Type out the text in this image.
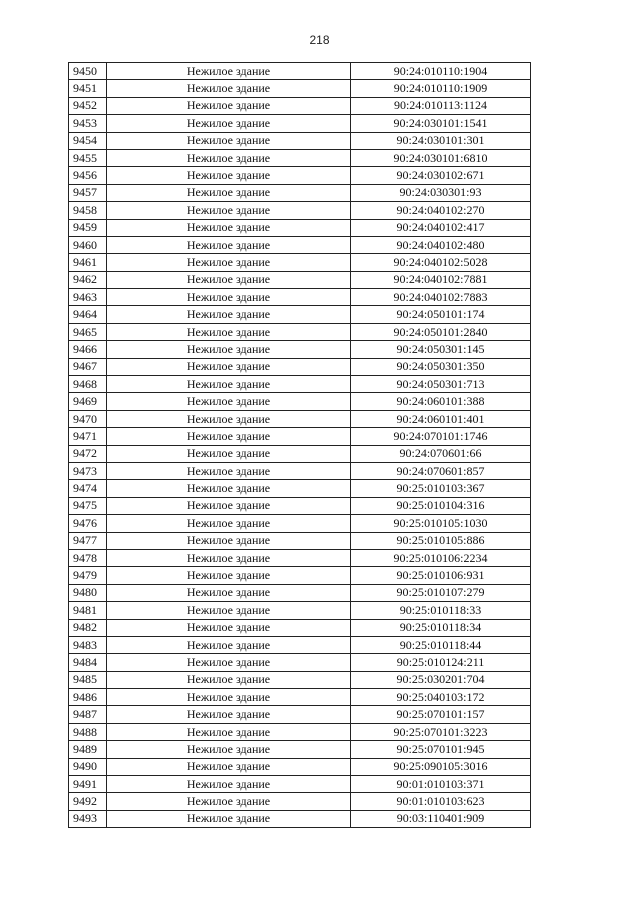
218
9450	Нежилое здание	90:24:010110:1904
9451	Нежилое здание	90:24:010110:1909
9452	Нежилое здание	90:24:010113:1124
9453	Нежилое здание	90:24:030101:1541
9454	Нежилое здание	90:24:030101:301
9455	Нежилое здание	90:24:030101:6810
9456	Нежилое здание	90:24:030102:671
9457	Нежилое здание	90:24:030301:93
9458	Нежилое здание	90:24:040102:270
9459	Нежилое здание	90:24:040102:417
9460	Нежилое здание	90:24:040102:480
9461	Нежилое здание	90:24:040102:5028
9462	Нежилое здание	90:24:040102:7881
9463	Нежилое здание	90:24:040102:7883
9464	Нежилое здание	90:24:050101:174
9465	Нежилое здание	90:24:050101:2840
9466	Нежилое здание	90:24:050301:145
9467	Нежилое здание	90:24:050301:350
9468	Нежилое здание	90:24:050301:713
9469	Нежилое здание	90:24:060101:388
9470	Нежилое здание	90:24:060101:401
9471	Нежилое здание	90:24:070101:1746
9472	Нежилое здание	90:24:070601:66
9473	Нежилое здание	90:24:070601:857
9474	Нежилое здание	90:25:010103:367
9475	Нежилое здание	90:25:010104:316
9476	Нежилое здание	90:25:010105:1030
9477	Нежилое здание	90:25:010105:886
9478	Нежилое здание	90:25:010106:2234
9479	Нежилое здание	90:25:010106:931
9480	Нежилое здание	90:25:010107:279
9481	Нежилое здание	90:25:010118:33
9482	Нежилое здание	90:25:010118:34
9483	Нежилое здание	90:25:010118:44
9484	Нежилое здание	90:25:010124:211
9485	Нежилое здание	90:25:030201:704
9486	Нежилое здание	90:25:040103:172
9487	Нежилое здание	90:25:070101:157
9488	Нежилое здание	90:25:070101:3223
9489	Нежилое здание	90:25:070101:945
9490	Нежилое здание	90:25:090105:3016
9491	Нежилое здание	90:01:010103:371
9492	Нежилое здание	90:01:010103:623
9493	Нежилое здание	90:03:110401:909
